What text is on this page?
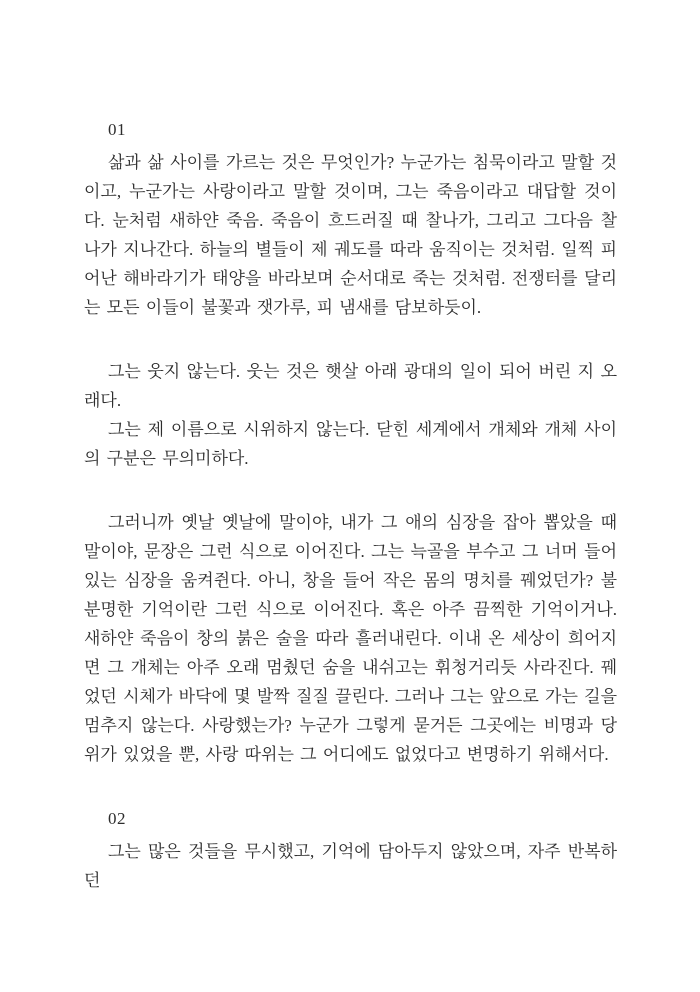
01

삶과 삶 사이를 가르는 것은 무엇인가? 누군가는 침묵이라고 말할 것이고, 누군가는 사랑이라고 말할 것이며, 그는 죽음이라고 대답할 것이다. 눈처럼 새하얀 죽음. 죽음이 흐드러질 때 찰나가, 그리고 그다음 찰나가 지나간다. 하늘의 별들이 제 궤도를 따라 움직이는 것처럼. 일찍 피어난 해바라기가 태양을 바라보며 순서대로 죽는 것처럼. 전쟁터를 달리는 모든 이들이 불꽃과 잿가루, 피 냄새를 담보하듯이.

그는 웃지 않는다. 웃는 것은 햇살 아래 광대의 일이 되어 버린 지 오래다.

그는 제 이름으로 시위하지 않는다. 닫힌 세계에서 개체와 개체 사이의 구분은 무의미하다.

그러니까 옛날 옛날에 말이야, 내가 그 애의 심장을 잡아 뽑았을 때 말이야, 문장은 그런 식으로 이어진다. 그는 늑골을 부수고 그 너머 들어있는 심장을 움켜쥔다. 아니, 창을 들어 작은 몸의 명치를 꿰었던가? 불분명한 기억이란 그런 식으로 이어진다. 혹은 아주 끔찍한 기억이거나. 새하얀 죽음이 창의 붉은 술을 따라 흘러내린다. 이내 온 세상이 희어지면 그 개체는 아주 오래 멈췄던 숨을 내쉬고는 휘청거리듯 사라진다. 꿰었던 시체가 바닥에 몇 발짝 질질 끌린다. 그러나 그는 앞으로 가는 길을 멈추지 않는다. 사랑했는가? 누군가 그렇게 묻거든 그곳에는 비명과 당위가 있었을 뿐, 사랑 따위는 그 어디에도 없었다고 변명하기 위해서다.

02

그는 많은 것들을 무시했고, 기억에 담아두지 않았으며, 자주 반복하던
